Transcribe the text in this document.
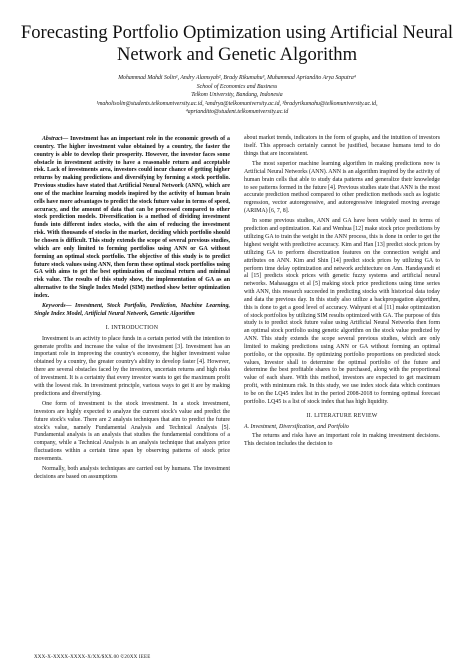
Forecasting Portfolio Optimization using Artificial Neural Network and Genetic Algorithm
Mohammad Mahdi Solin¹, Andry Alamsyah², Brady Rikumahu³, Muhammad Apriandito Arya Saputra⁴
School of Economics and Business
Telkom University, Bandung, Indonesia
¹maholisolin@students.telkomuniversity.ac.id, ²andrya@telkomuniversity.ac.id, ³bradyrikumahu@telkomuniversity.ac.id,
⁴aprianditto@student.telkomuniversity.ac.id

Abstract— Investment has an important role in the economic growth of a country. The higher investment value obtained by a country, the faster the country is able to develop their prosperity. However, the investor faces some obstacle in investment activity to have a reasonable return and acceptable risk. Lack of investments area, investors could incur chance of getting higher returns by making predictions and diversifying by forming a stock portfolio. Previous studies have stated that Artificial Neural Network (ANN), which are one of the machine learning models inspired by the activity of human brain cells have more advantages to predict the stock future value in terms of speed, accuracy, and the amount of data that can be processed compared to other stock prediction models. Diversification is a method of dividing investment funds into different index stocks, with the aim of reducing the investment risk. With thousands of stocks in the market, deciding which portfolio should be chosen is difficult. This study extends the scope of several previous studies, which are only limited to forming portfolios using ANN or GA without forming an optimal stock portfolio. The objective of this study is to predict future stock values using ANN, then form these optimal stock portfolios using GA with aims to get the best optimization of maximal return and minimal risk value. The results of this study show, the implementation of GA as an alternative to the Single Index Model (SIM) method show better optimization index.

Keywords— Investment, Stock Portfolio, Prediction, Machine Learning, Single Index Model, Artificial Neural Network, Genetic Algorithm

I. INTRODUCTION

Investment is an activity to place funds in a certain period with the intention to generate profits and increase the value of the investment [3]. Investment has an important role in improving the country's economy, the higher investment value obtained by a country, the greater country's ability to develop faster [4]. However, there are several obstacles faced by the investors, uncertain returns and high risks of investment. It is a certainty that every investor wants to get the maximum profit with the lowest risk. In investment principle, various ways to get it are by making predictions and diversifying.

One form of investment is the stock investment. In a stock investment, investors are highly expected to analyze the current stock's value and predict the future stock's value. There are 2 analysis techniques that aim to predict the future stock's value, namely Fundamental Analysis and Technical Analysis [5]. Fundamental analysis is an analysis that studies the fundamental conditions of a company, while a Technical Analysis is an analysis technique that analyzes price fluctuations within a certain time span by observing patterns of stock price movements.

Normally, both analysis techniques are carried out by humans. The investment decisions are based on assumptions

about market trends, indicators in the form of graphs, and the intuition of investors itself. This approach certainly cannot be justified, because humans tend to do things that are inconsistent.

The most superior machine learning algorithm in making predictions now is Artificial Neural Networks (ANN). ANN is an algorithm inspired by the activity of human brain cells that able to study data patterns and generalize their knowledge to see patterns formed in the future [4]. Previous studies state that ANN is the most accurate prediction method compared to other prediction methods such as logistic regression, vector autoregressive, and autoregressive integrated moving average (ARIMA) [6, 7, 8].

In some previous studies, ANN and GA have been widely used in terms of prediction and optimization. Kai and Wenhua [12] make stock price predictions by utilizing GA to train the weight in the ANN process, this is done in order to get the highest weight with predictive accuracy. Kim and Han [13] predict stock prices by utilizing GA to perform discretization features on the connection weight and attributes on ANN. Kim and Shin [14] predict stock prices by utilizing GA to perform time delay optimization and network architecture on Ann. Handayandi et al [15] predicts stock prices with genetic fuzzy systems and artificial neural networks. Mahasaggra et al [5] making stock price predictions using time series with ANN, this research succeeded in predicting stocks with historical data today and data the previous day. In this study also utilize a backpropagation algorithm, this is done to get a good level of accuracy. Wahyuni et al [11] make optimization of stock portfolios by utilizing SIM results optimized with GA. The purpose of this study is to predict stock future value using Artificial Neural Networks then form an optimal stock portfolio using genetic algorithm on the stock value predicted by ANN. This study extends the scope several previous studies, which are only limited to making predictions using ANN or GA without forming an optimal portfolio, or the opposite. By optimizing portfolio proportions on predicted stock values, Investor shall to determine the optimal portfolio of the future and determine the best profitable shares to be purchased, along with the proportional value of each share. With this method, investors are expected to get maximum profit, with minimum risk. In this study, we use index stock data which continues to be on the LQ45 index list in the period 2008-2018 to forming optimal forecast portfolio. LQ45 is a list of stock index that has high liquidity.

II. LITERATURE REVIEW
A. Investment, Diversification, and Portfolio

The returns and risks have an important role in making investment decisions. This decision includes the decision to

XXX-X-XXXX-XXXX-X/XX/$XX.00 ©20XX IEEE
